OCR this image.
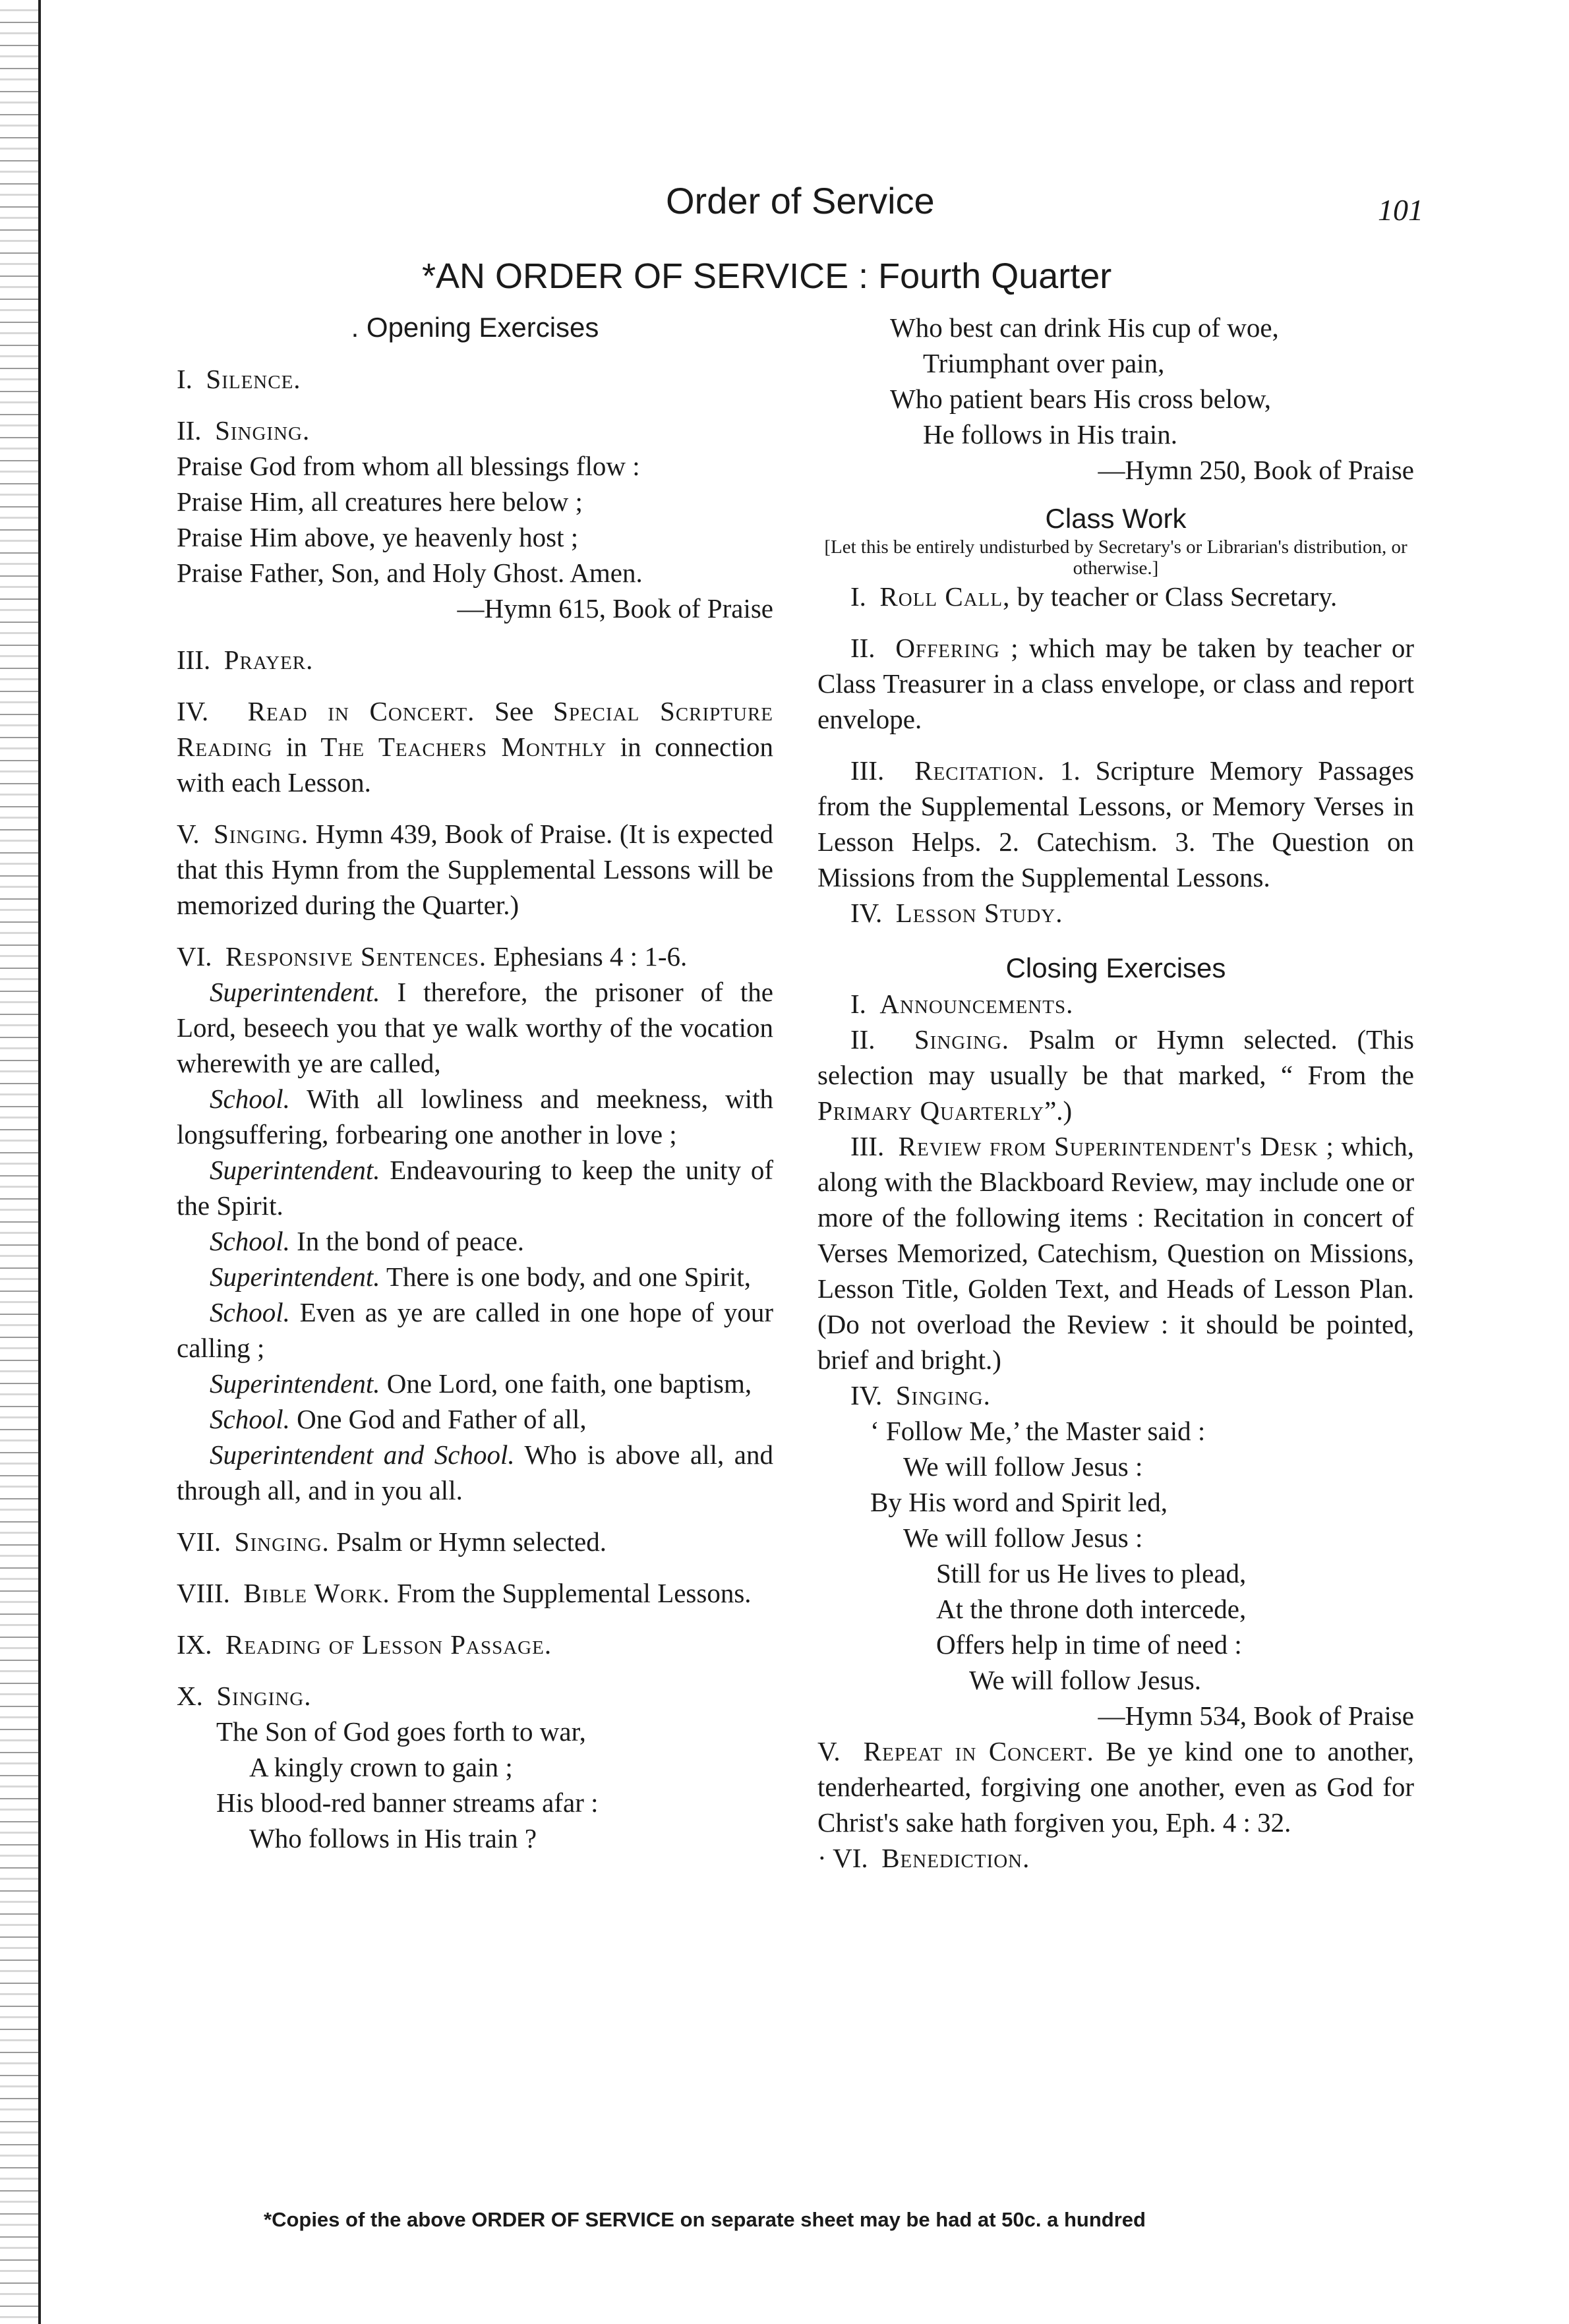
Order of Service	101
*AN ORDER OF SERVICE : Fourth Quarter

. Opening Exercises

I. Silence.

II. Singing.

Praise God from whom all blessings flow :

Praise Him, all creatures here below ;

Praise Him above, ye heavenly host ;

Praise Father, Son, and Holy Ghost. Amen.

—Hymn 615, Book of Praise

III. Prayer.

IV. Read in Concert. See Special Scripture Reading in The Teachers Monthly in connection with each Lesson.

V. Singing. Hymn 439, Book of Praise. (It is expected that this Hymn from the Supplemental Lessons will be memorized during the Quarter.)

VI. Responsive Sentences. Ephesians 4 : 1-6.

Superintendent. I therefore, the prisoner of the Lord, beseech you that ye walk worthy of the vocation wherewith ye are called,

School. With all lowliness and meekness, with longsuffering, forbearing one another in love ;

Superintendent. Endeavouring to keep the unity of the Spirit.

School. In the bond of peace.

Superintendent. There is one body, and one Spirit,

School. Even as ye are called in one hope of your calling ;

Superintendent. One Lord, one faith, one baptism,

School. One God and Father of all,

Superintendent and School. Who is above all, and through all, and in you all.

VII. Singing. Psalm or Hymn selected.

VIII. Bible Work. From the Supplemental Lessons.

IX. Reading of Lesson Passage.

X. Singing.

The Son of God goes forth to war,

A kingly crown to gain ;

His blood-red banner streams afar :

Who follows in His train ?

Who best can drink His cup of woe,

Triumphant over pain,

Who patient bears His cross below,

He follows in His train.

—Hymn 250, Book of Praise

Class Work

[Let this be entirely undisturbed by Secretary's or Librarian's distribution, or otherwise.]

I. Roll Call, by teacher or Class Secretary.

II. Offering ; which may be taken by teacher or Class Treasurer in a class envelope, or class and report envelope.

III. Recitation. 1. Scripture Memory Passages from the Supplemental Lessons, or Memory Verses in Lesson Helps. 2. Catechism. 3. The Question on Missions from the Supplemental Lessons.

IV. Lesson Study.

Closing Exercises

I. Announcements.

II. Singing. Psalm or Hymn selected. (This selection may usually be that marked, “ From the Primary Quarterly”.)

III. Review from Superintendent's Desk ; which, along with the Blackboard Review, may include one or more of the following items : Recitation in concert of Verses Memorized, Catechism, Question on Missions, Lesson Title, Golden Text, and Heads of Lesson Plan. (Do not overload the Review : it should be pointed, brief and bright.)

IV. Singing.

‘ Follow Me,’ the Master said :

We will follow Jesus :

By His word and Spirit led,

We will follow Jesus :

Still for us He lives to plead,

At the throne doth intercede,

Offers help in time of need :

We will follow Jesus.

—Hymn 534, Book of Praise

V. Repeat in Concert. Be ye kind one to another, tenderhearted, forgiving one another, even as God for Christ's sake hath forgiven you, Eph. 4 : 32.

· VI. Benediction.

*Copies of the above ORDER OF SERVICE on separate sheet may be had at 50c. a hundred
